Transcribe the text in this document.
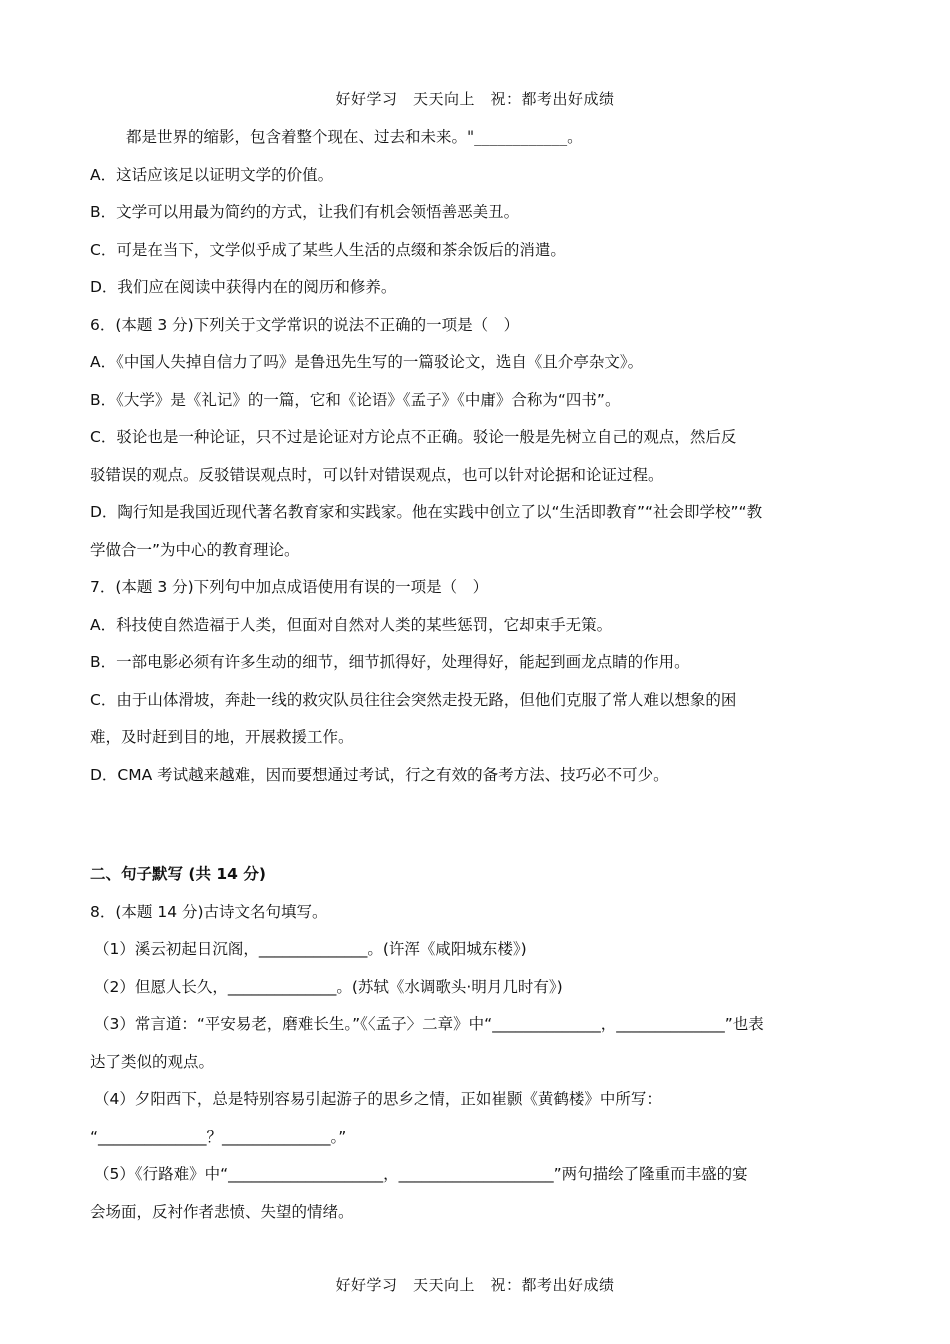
好好学习　天天向上　祝：都考出好成绩
都是世界的缩影，包含着整个现在、过去和未来。"____________。
A．这话应该足以证明文学的价值。
B．文学可以用最为简约的方式，让我们有机会领悟善恶美丑。
C．可是在当下，文学似乎成了某些人生活的点缀和茶余饭后的消遣。
D．我们应在阅读中获得内在的阅历和修养。
6．(本题 3 分)下列关于文学常识的说法不正确的一项是（　）
A．《中国人失掉自信力了吗》是鲁迅先生写的一篇驳论文，选自《且介亭杂文》。
B．《大学》是《礼记》的一篇，它和《论语》《孟子》《中庸》合称为“四书”。
C．驳论也是一种论证，只不过是论证对方论点不正确。驳论一般是先树立自己的观点，然后反
驳错误的观点。反驳错误观点时，可以针对错误观点，也可以针对论据和论证过程。
D．陶行知是我国近现代著名教育家和实践家。他在实践中创立了以“生活即教育”“社会即学校”“教
学做合一”为中心的教育理论。
7．(本题 3 分)下列句中加点成语使用有误的一项是（　）
A．科技使自然造福于人类，但面对自然对人类的某些惩罚，它却束手无策。
B．一部电影必须有许多生动的细节，细节抓得好，处理得好，能起到画龙点睛的作用。
C．由于山体滑坡，奔赴一线的救灾队员往往会突然走投无路，但他们克服了常人难以想象的困
难，及时赶到目的地，开展救援工作。
D．CMA 考试越来越难，因而要想通过考试，行之有效的备考方法、技巧必不可少。
二、句子默写 (共 14 分)
8．(本题 14 分)古诗文名句填写。
（1）溪云初起日沉阁，______________。(许浑《咸阳城东楼》)
（2）但愿人长久，______________。(苏轼《水调歌头·明月几时有》)
（3）常言道：“平安易老，磨难长生。”《〈孟子〉二章》中“______________，______________”也表
达了类似的观点。
（4）夕阳西下，总是特别容易引起游子的思乡之情，正如崔颢《黄鹤楼》中所写：
“______________？______________。”
（5）《行路难》中“____________________，____________________”两句描绘了隆重而丰盛的宴
会场面，反衬作者悲愤、失望的情绪。
好好学习　天天向上　祝：都考出好成绩
